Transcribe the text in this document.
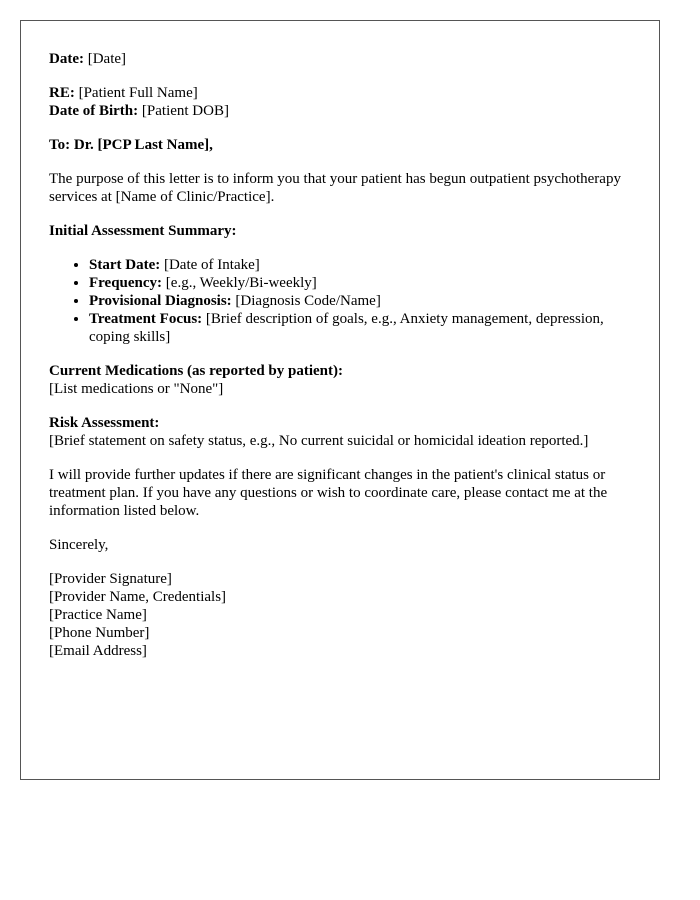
Date: [Date]

RE: [Patient Full Name]

Date of Birth: [Patient DOB]

To: Dr. [PCP Last Name],

The purpose of this letter is to inform you that your patient has begun outpatient psychotherapy services at [Name of Clinic/Practice].

Initial Assessment Summary:

• Start Date: [Date of Intake]
• Frequency: [e.g., Weekly/Bi-weekly]
• Provisional Diagnosis: [Diagnosis Code/Name]
• Treatment Focus: [Brief description of goals, e.g., Anxiety management, depression, coping skills]

Current Medications (as reported by patient):

[List medications or "None"]

Risk Assessment:

[Brief statement on safety status, e.g., No current suicidal or homicidal ideation reported.]

I will provide further updates if there are significant changes in the patient's clinical status or treatment plan. If you have any questions or wish to coordinate care, please contact me at the information listed below.

Sincerely,

[Provider Signature]
[Provider Name, Credentials]
[Practice Name]
[Phone Number]
[Email Address]
